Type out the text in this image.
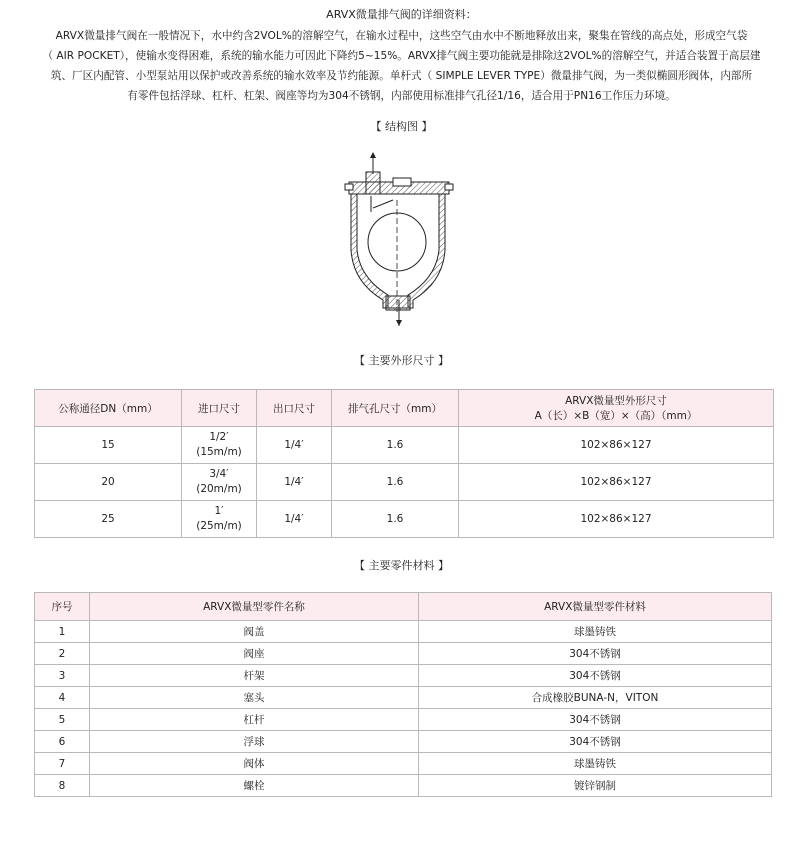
ARVX微量排气阀的详细资料：
ARVX微量排气阀在一般情况下，水中约含2VOL%的溶解空气，在输水过程中，这些空气由水中不断地释放出来，聚集在管线的高点处，形成空气袋
（ AIR POCKET），使输水变得困难，系统的输水能力可因此下降约5~15%。ARVX排气阀主要功能就是排除这2VOL%的溶解空气，并适合装置于高层建
筑、厂区内配管、小型泵站用以保护或改善系统的输水效率及节约能源。单杆式（ SIMPLE LEVER TYPE）微量排气阀，为一类似椭圆形阀体，内部所
有零件包括浮球、杠杆、杠架、阀座等均为304不锈钢，内部使用标准排气孔径1/16，适合用于PN16工作压力环境。
【 结构图 】
【 主要外形尺寸 】
公称通径DN（mm）	进口尺寸	出口尺寸	排气孔尺寸（mm）	ARVX微量型外形尺寸
A（长）×B（宽）×（高）（mm）

15	1/2′
(15m/m)	1/4′	1.6	102×86×127
20	3/4′
(20m/m)	1/4′	1.6	102×86×127
25	1′
(25m/m)	1/4′	1.6	102×86×127
【 主要零件材料 】
序号	ARVX微量型零件名称	ARVX微量型零件材料
1	阀盖	球墨铸铁
2	阀座	304不锈钢
3	杆架	304不锈钢
4	塞头	合成橡胶BUNA-N，VITON
5	杠杆	304不锈钢
6	浮球	304不锈钢
7	阀体	球墨铸铁
8	螺栓	镀锌钢制
